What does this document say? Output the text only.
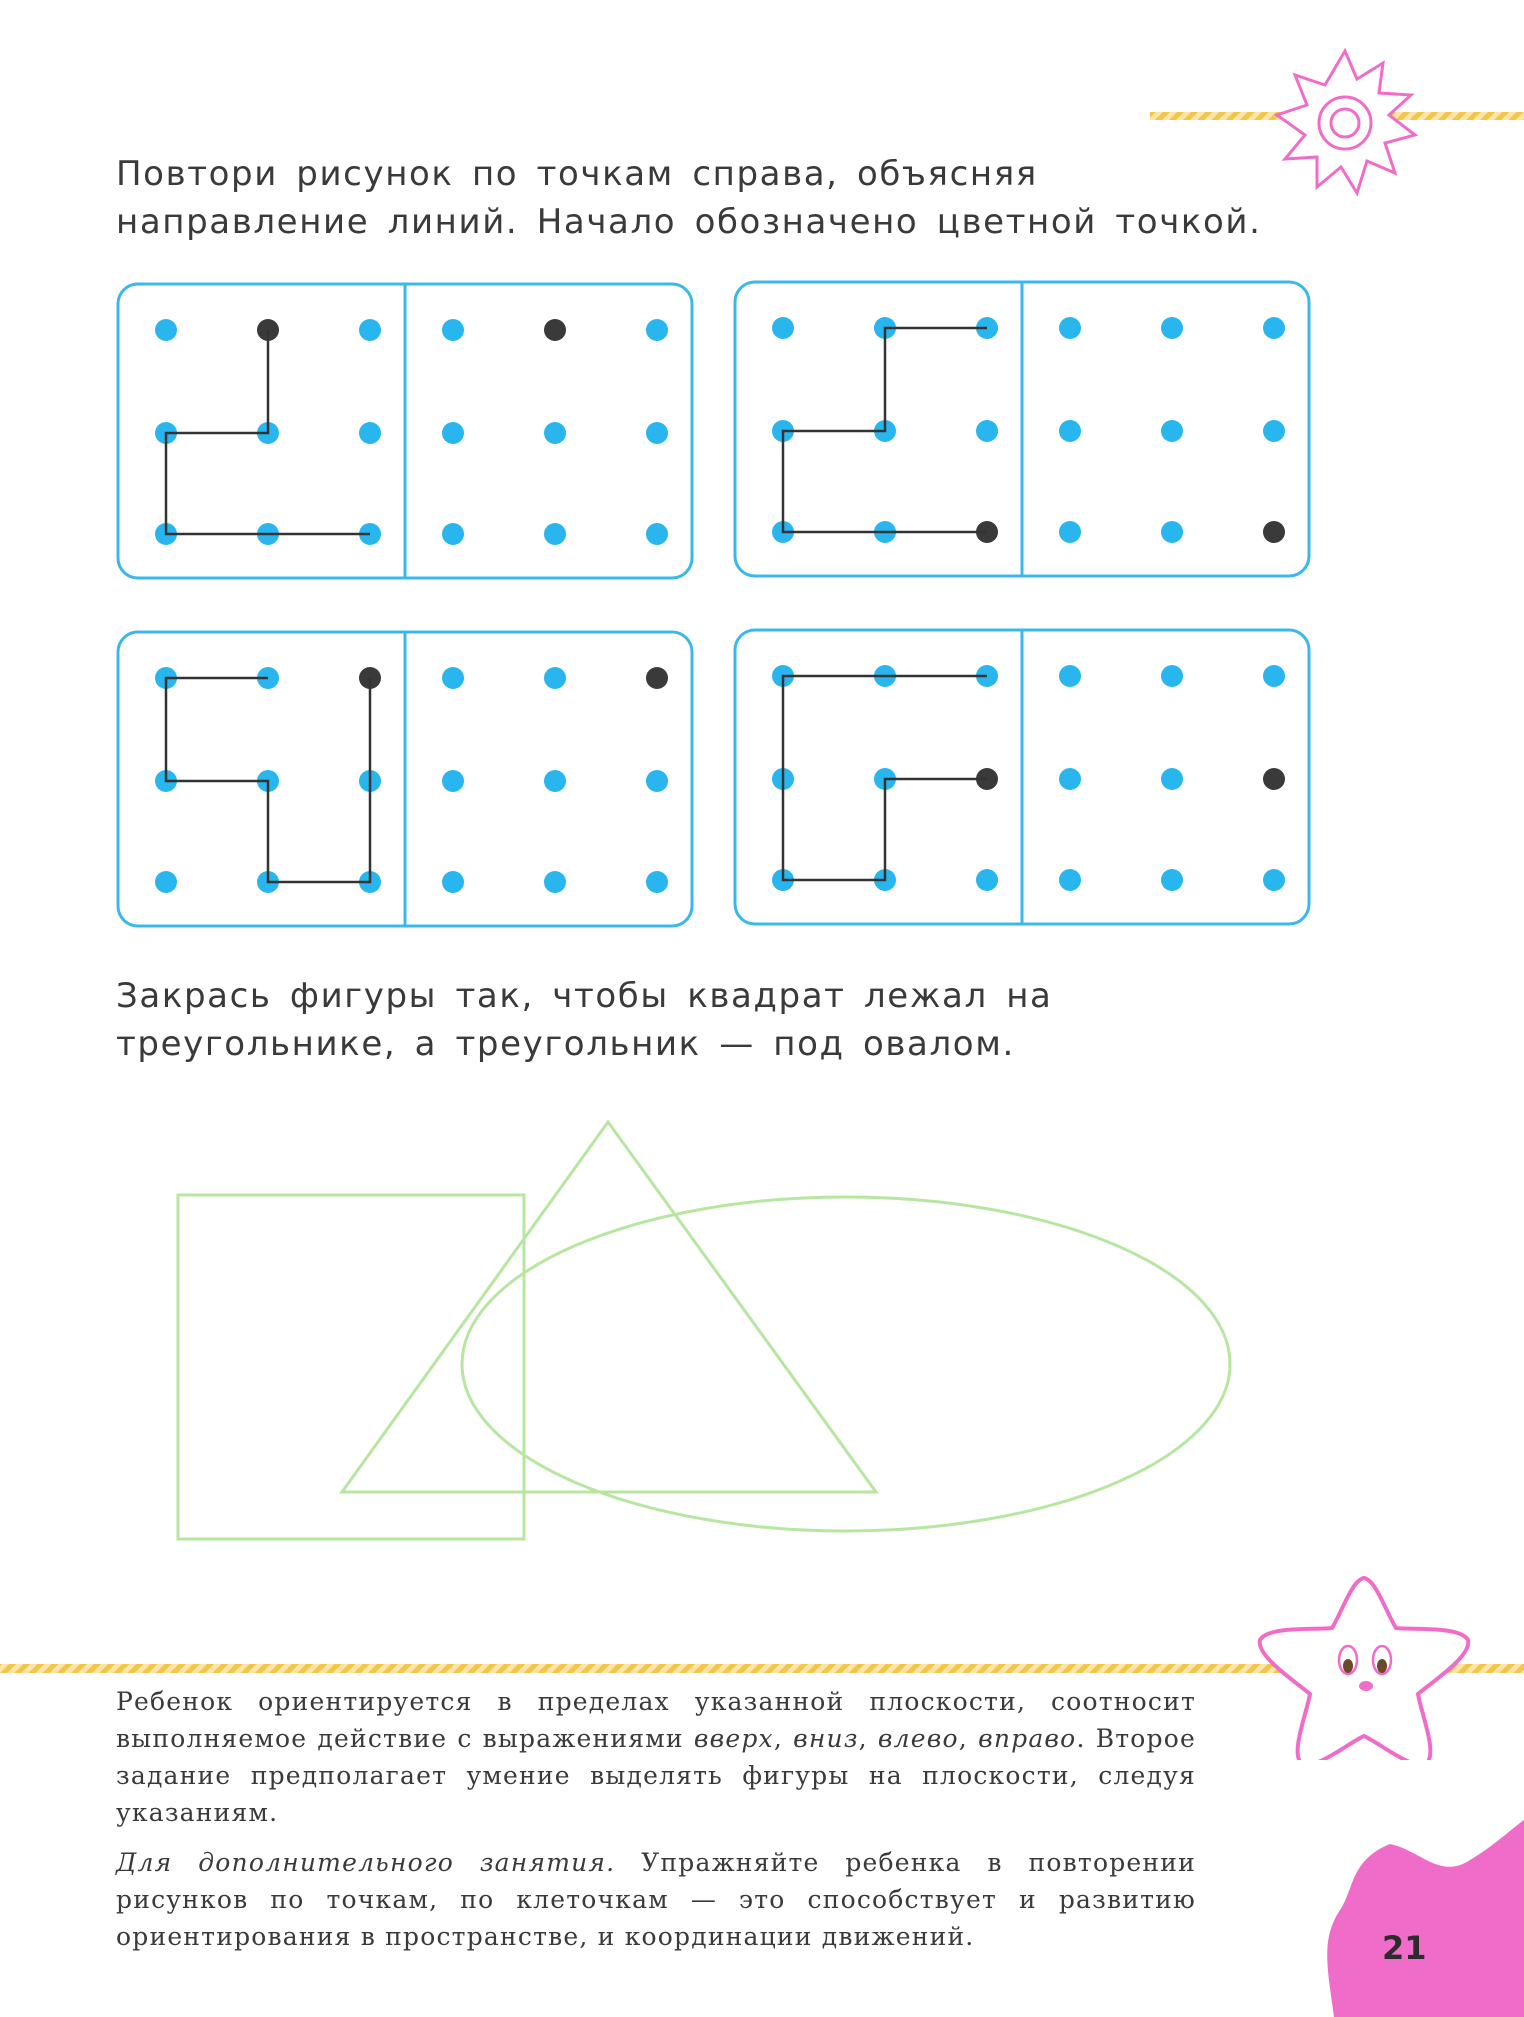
Повтори рисунок по точкам справа, объясняя направление линий. Начало обозначено цветной точкой.
Закрась фигуры так, чтобы квадрат лежал на треугольнике, а треугольник — под овалом.
Ребенок ориентируется в пределах указанной плоскости, соотносит выполняемое действие с выражениями вверх, вниз, влево, вправо. Второе задание предполагает умение выделять фигуры на плоскости, следуя указаниям.
Для дополнительного занятия. Упражняйте ребенка в повторении рисунков по точкам, по клеточкам — это способствует и развитию ориентирования в пространстве, и координации движений.	21
